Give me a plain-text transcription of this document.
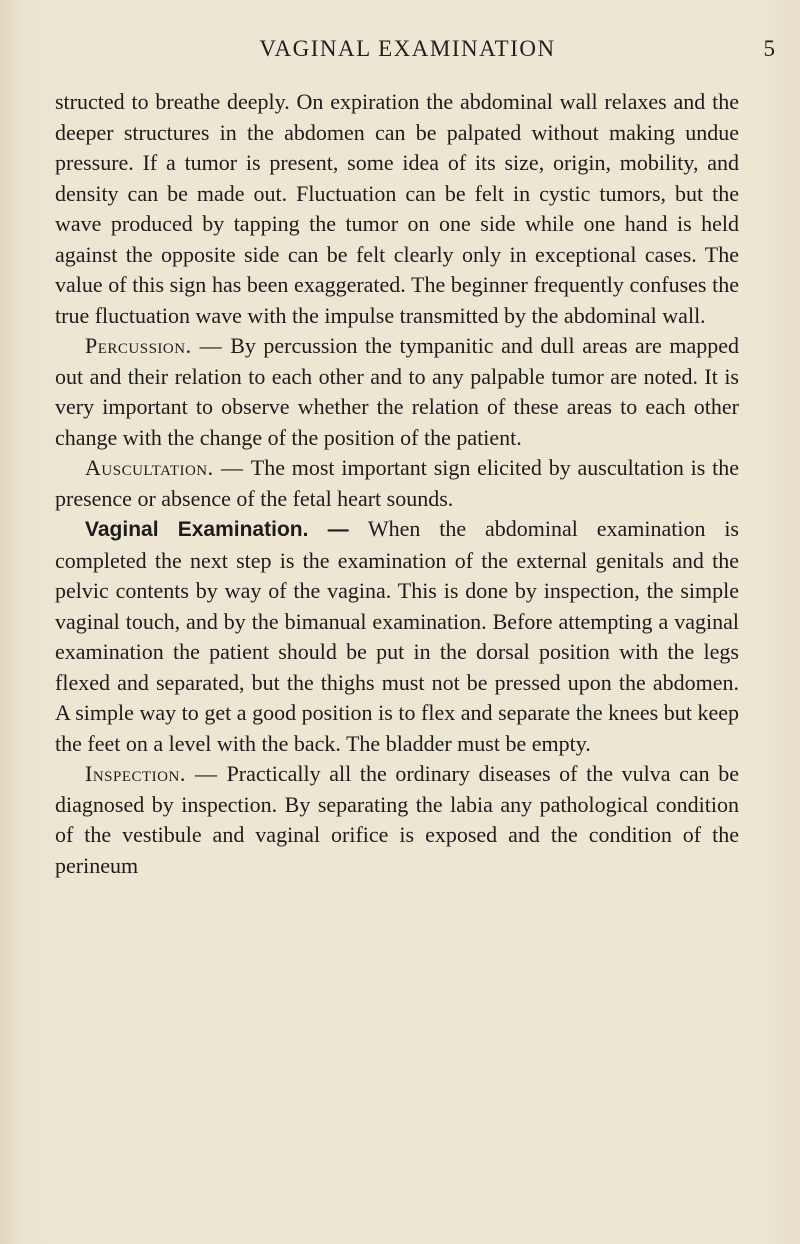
VAGINAL EXAMINATION	5

structed to breathe deeply. On expiration the abdominal wall relaxes and the deeper structures in the abdomen can be palpated without making undue pressure. If a tumor is present, some idea of its size, origin, mobility, and density can be made out. Fluctuation can be felt in cystic tumors, but the wave produced by tapping the tumor on one side while one hand is held against the opposite side can be felt clearly only in exceptional cases. The value of this sign has been exaggerated. The beginner frequently confuses the true fluctuation wave with the impulse transmitted by the abdominal wall.

Percussion. — By percussion the tympanitic and dull areas are mapped out and their relation to each other and to any palpable tumor are noted. It is very important to observe whether the relation of these areas to each other change with the change of the position of the patient.

Auscultation. — The most important sign elicited by auscultation is the presence or absence of the fetal heart sounds.

Vaginal Examination. — When the abdominal examination is completed the next step is the examination of the external genitals and the pelvic contents by way of the vagina. This is done by inspection, the simple vaginal touch, and by the bimanual examination. Before attempting a vaginal examination the patient should be put in the dorsal position with the legs flexed and separated, but the thighs must not be pressed upon the abdomen. A simple way to get a good position is to flex and separate the knees but keep the feet on a level with the back. The bladder must be empty.

Inspection. — Practically all the ordinary diseases of the vulva can be diagnosed by inspection. By separating the labia any pathological condition of the vestibule and vaginal orifice is exposed and the condition of the perineum
